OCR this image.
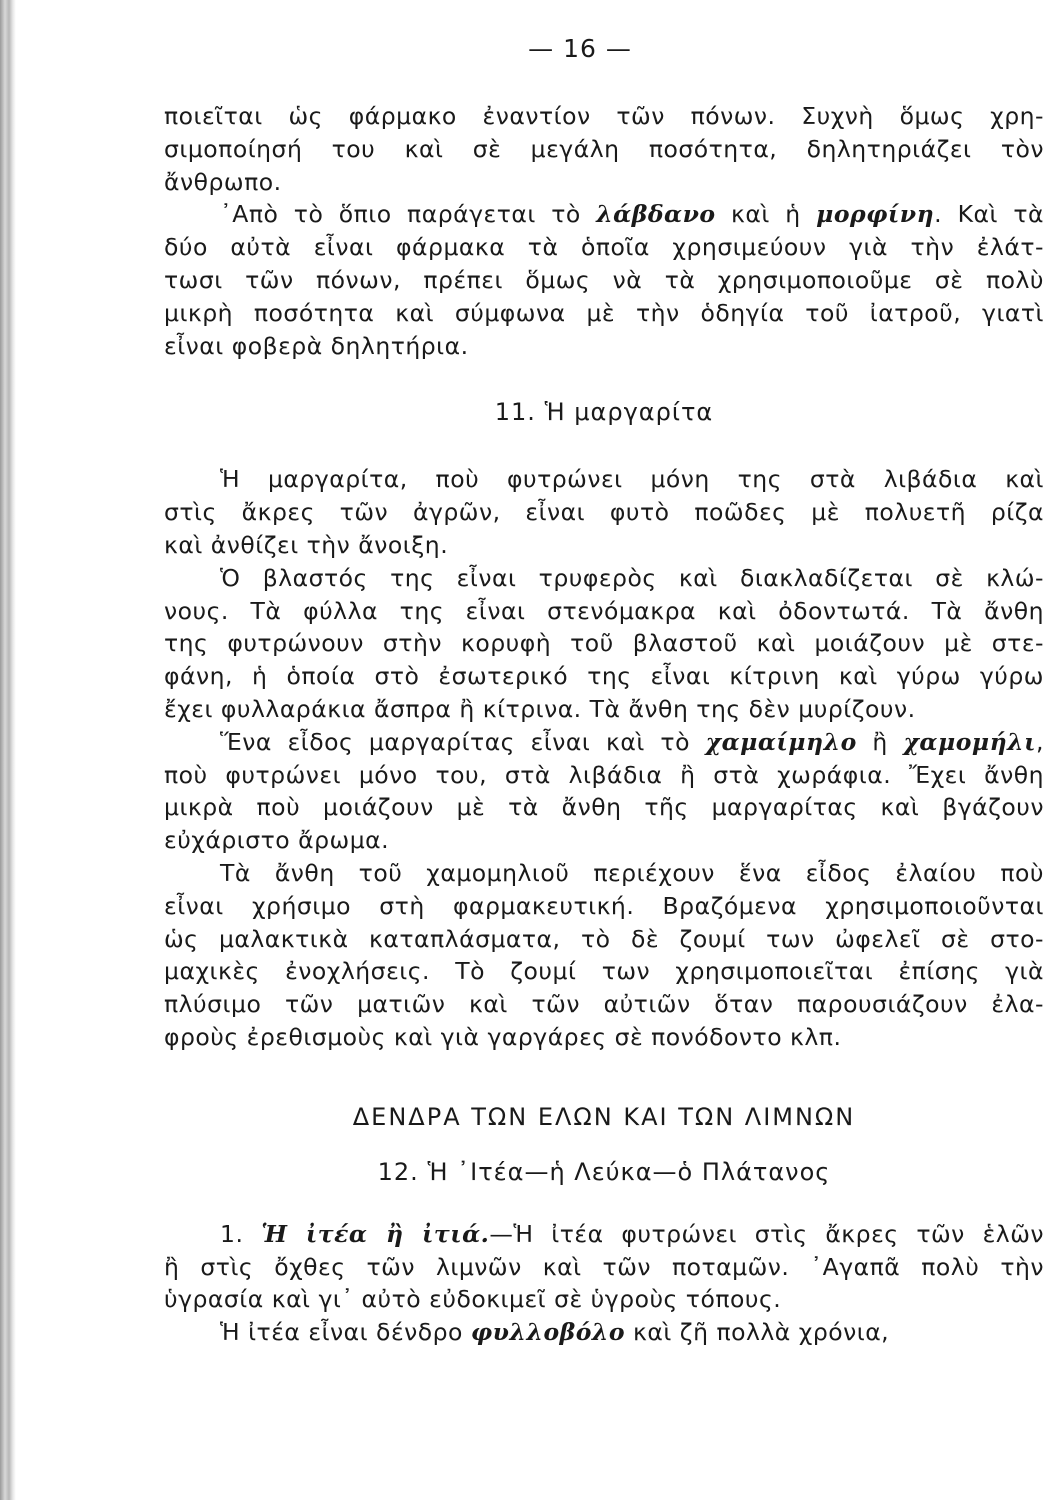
— 16 —
ποιεῖται ὡς φάρμακο ἐναντίον τῶν πόνων. Συχνὴ ὅμως χρη-
σιμοποίησή του καὶ σὲ μεγάλη ποσότητα, δηλητηριάζει τὸν
ἄνθρωπο.
᾿Απὸ τὸ ὅπιο παράγεται τὸ λάβδανο καὶ ἡ μορφίνη. Καὶ τὰ
δύο αὐτὰ εἶναι φάρμακα τὰ ὁποῖα χρησιμεύουν γιὰ τὴν ἐλάτ-
τωσι τῶν πόνων, πρέπει ὅμως νὰ τὰ χρησιμοποιοῦμε σὲ πολὺ
μικρὴ ποσότητα καὶ σύμφωνα μὲ τὴν ὁδηγία τοῦ ἰατροῦ, γιατὶ
εἶναι φοβερὰ δηλητήρια.
11. Ἡ μαργαρίτα
Ἡ μαργαρίτα, ποὺ φυτρώνει μόνη της στὰ λιβάδια καὶ
στὶς ἄκρες τῶν ἀγρῶν, εἶναι φυτὸ ποῶδες μὲ πολυετῆ ρίζα
καὶ ἀνθίζει τὴν ἄνοιξη.
Ὁ βλαστός της εἶναι τρυφερὸς καὶ διακλαδίζεται σὲ κλώ-
νους. Τὰ φύλλα της εἶναι στενόμακρα καὶ ὀδοντωτά. Τὰ ἄνθη
της φυτρώνουν στὴν κορυφὴ τοῦ βλαστοῦ καὶ μοιάζουν μὲ στε-
φάνη, ἡ ὁποία στὸ ἐσωτερικό της εἶναι κίτρινη καὶ γύρω γύρω
ἔχει φυλλαράκια ἄσπρα ἢ κίτρινα. Τὰ ἄνθη της δὲν μυρίζουν.
Ἕνα εἶδος μαργαρίτας εἶναι καὶ τὸ χαμαίμηλο ἢ χαμομήλι,
ποὺ φυτρώνει μόνο του, στὰ λιβάδια ἢ στὰ χωράφια. Ἔχει ἄνθη
μικρὰ ποὺ μοιάζουν μὲ τὰ ἄνθη τῆς μαργαρίτας καὶ βγάζουν
εὐχάριστο ἄρωμα.
Τὰ ἄνθη τοῦ χαμομηλιοῦ περιέχουν ἕνα εἶδος ἐλαίου ποὺ
εἶναι χρήσιμο στὴ φαρμακευτική. Βραζόμενα χρησιμοποιοῦνται
ὡς μαλακτικὰ καταπλάσματα, τὸ δὲ ζουμί των ὠφελεῖ σὲ στο-
μαχικὲς ἐνοχλήσεις. Τὸ ζουμί των χρησιμοποιεῖται ἐπίσης γιὰ
πλύσιμο τῶν ματιῶν καὶ τῶν αὐτιῶν ὅταν παρουσιάζουν ἐλα-
φροὺς ἐρεθισμοὺς καὶ γιὰ γαργάρες σὲ πονόδοντο κλπ.
ΔΕΝΔΡΑ ΤΩΝ ΕΛΩΝ ΚΑΙ ΤΩΝ ΛΙΜΝΩΝ
12. Ἡ ᾿Ιτέα—ἡ Λεύκα—ὁ Πλάτανος
1. Ἡ ἰτέα ἢ ἰτιά.—Ἡ ἰτέα φυτρώνει στὶς ἄκρες τῶν ἑλῶν
ἢ στὶς ὄχθες τῶν λιμνῶν καὶ τῶν ποταμῶν. ᾿Αγαπᾶ πολὺ τὴν
ὑγρασία καὶ γι᾿ αὐτὸ εὐδοκιμεῖ σὲ ὑγροὺς τόπους.
Ἡ ἰτέα εἶναι δένδρο φυλλοβόλο καὶ ζῆ πολλὰ χρόνια,
